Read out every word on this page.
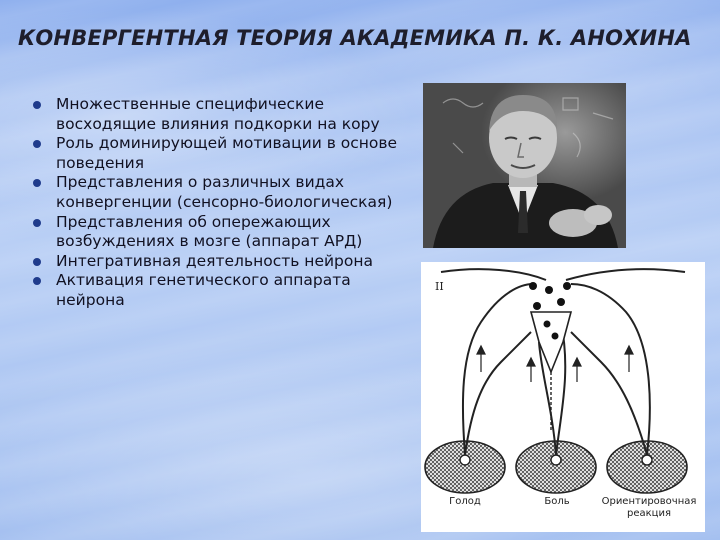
КОНВЕРГЕНТНАЯ ТЕОРИЯ АКАДЕМИКА П. К. АНОХИНА
Множественные специфические восходящие влияния подкорки на кору
Роль доминирующей мотивации в основе поведения
Представления о различных видах конвергенции (сенсорно-биологическая)
Представления об опережающих возбуждениях в мозге (аппарат АРД)
Интегративная деятельность нейрона
Активация генетического аппарата нейрона
II
Голод	Боль	Ориентировочная реакция
